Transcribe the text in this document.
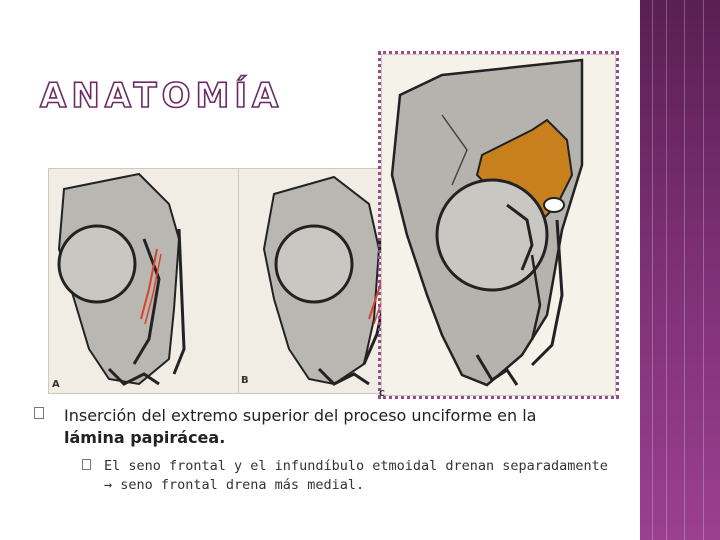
ANATOMÍA
A	B
C
Inserción del extremo superior del proceso unciforme en la
lámina papirácea.
El seno frontal y el infundíbulo etmoidal drenan separadamente → seno frontal drena más medial.
